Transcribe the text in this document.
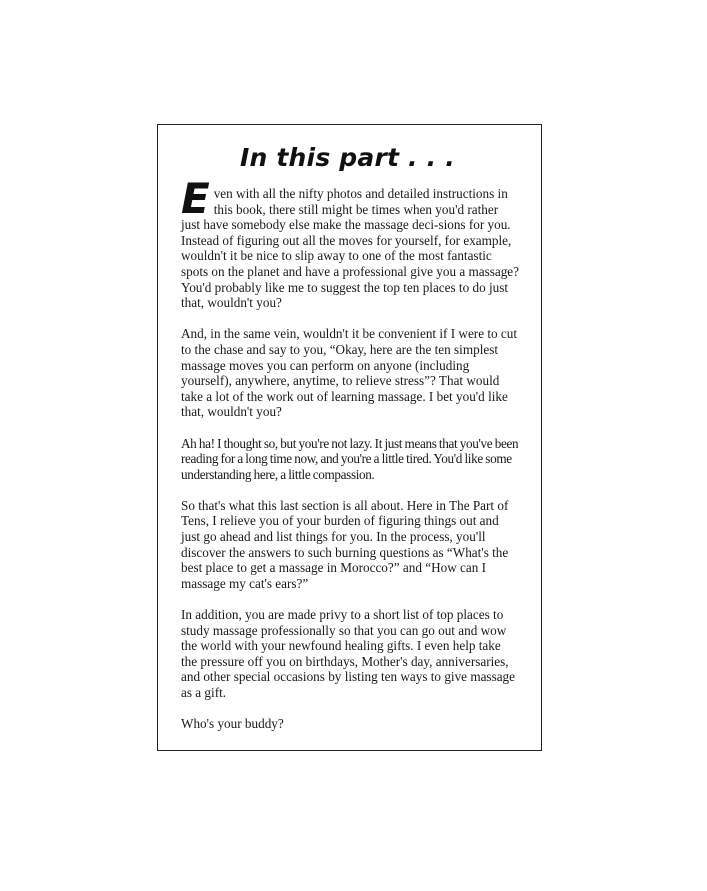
In this part . . .

Even with all the nifty photos and detailed instructions in this book, there still might be times when you'd rather just have somebody else make the massage deci-sions for you. Instead of figuring out all the moves for yourself, for example, wouldn't it be nice to slip away to one of the most fantastic spots on the planet and have a professional give you a massage? You'd probably like me to suggest the top ten places to do just that, wouldn't you?

And, in the same vein, wouldn't it be convenient if I were to cut to the chase and say to you, “Okay, here are the ten simplest massage moves you can perform on anyone (including yourself), anywhere, anytime, to relieve stress”? That would take a lot of the work out of learning massage. I bet you'd like that, wouldn't you?

Ah ha! I thought so, but you're not lazy. It just means that you've been reading for a long time now, and you're a little tired. You'd like some understanding here, a little compassion.

So that's what this last section is all about. Here in The Part of Tens, I relieve you of your burden of figuring things out and just go ahead and list things for you. In the process, you'll discover the answers to such burning questions as “What's the best place to get a massage in Morocco?” and “How can I massage my cat's ears?”

In addition, you are made privy to a short list of top places to study massage professionally so that you can go out and wow the world with your newfound healing gifts. I even help take the pressure off you on birthdays, Mother's day, anniversaries, and other special occasions by listing ten ways to give massage as a gift.

Who's your buddy?
